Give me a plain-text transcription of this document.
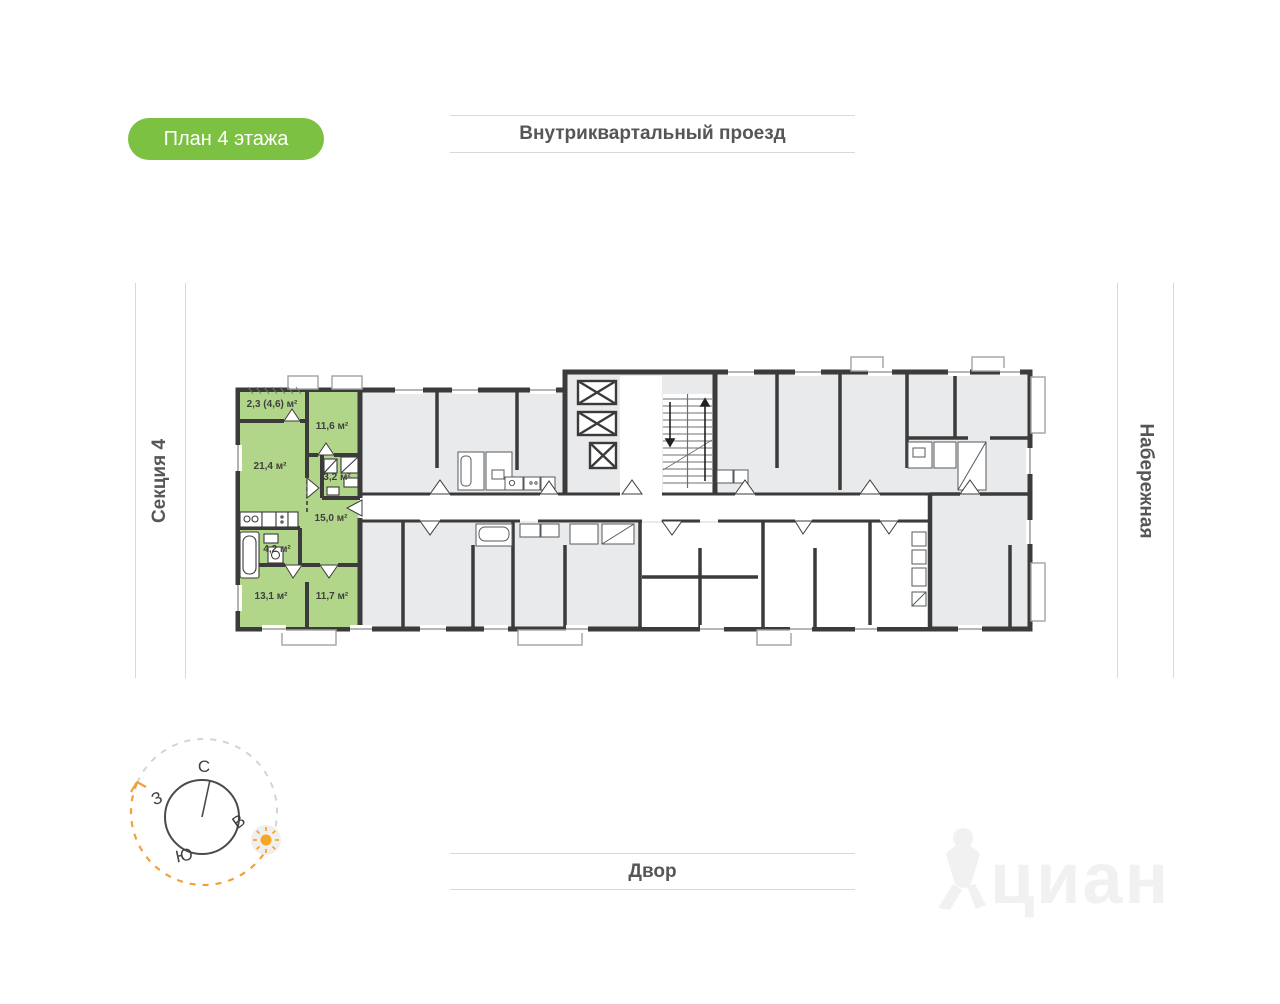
План 4 этажа	Внутриквартальный проезд
Двор
Секция 4	Набережная
циан
2,3 (4,6) м²
11,6 м²
21,4 м²
3,2 м²
15,0 м²
4,2 м²
13,1 м²	11,7 м²
С
З
В
Ю
